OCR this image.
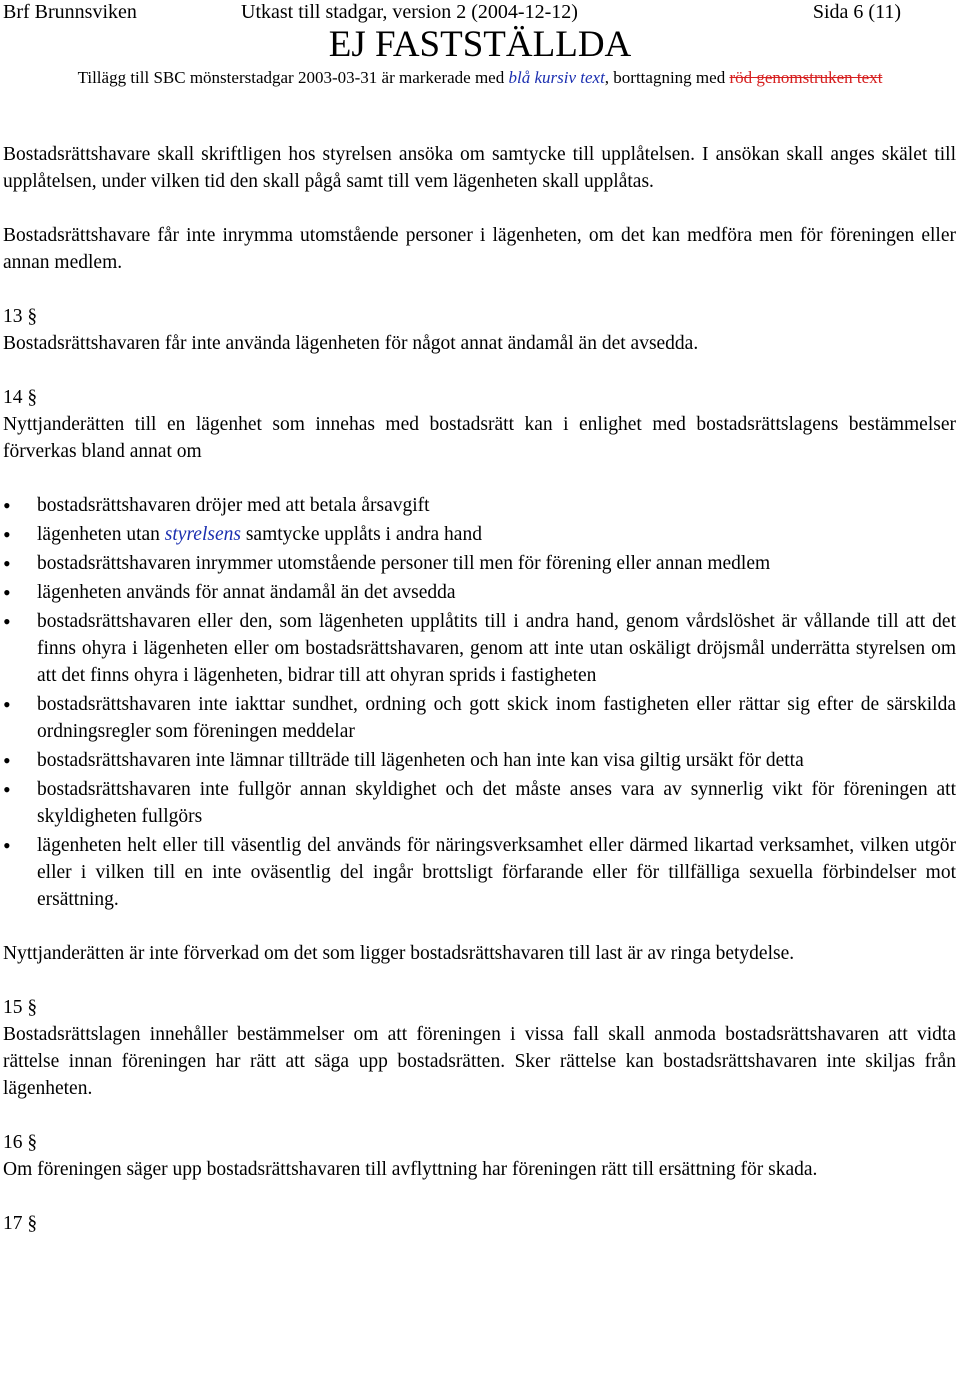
Brf Brunnsviken	Utkast till stadgar, version 2 (2004-12-12)	Sida 6 (11)
EJ FASTSTÄLLDA
Tillägg till SBC mönsterstadgar 2003-03-31 är markerade med blå kursiv text, borttagning med röd genomstruken text

Bostadsrättshavare skall skriftligen hos styrelsen ansöka om samtycke till upplåtelsen. I ansökan skall anges skälet till upplåtelsen, under vilken tid den skall pågå samt till vem lägenheten skall upplåtas.

Bostadsrättshavare får inte inrymma utomstående personer i lägenheten, om det kan medföra men för föreningen eller annan medlem.

13 §
Bostadsrättshavaren får inte använda lägenheten för något annat ändamål än det avsedda.

14 §
Nyttjanderätten till en lägenhet som innehas med bostadsrätt kan i enlighet med bostadsrättslagens bestämmelser förverkas bland annat om

• bostadsrättshavaren dröjer med att betala årsavgift
• lägenheten utan styrelsens samtycke upplåts i andra hand
• bostadsrättshavaren inrymmer utomstående personer till men för förening eller annan medlem
• lägenheten används för annat ändamål än det avsedda
• bostadsrättshavaren eller den, som lägenheten upplåtits till i andra hand, genom vårdslöshet är vållande till att det finns ohyra i lägenheten eller om bostadsrättshavaren, genom att inte utan oskäligt dröjsmål underrätta styrelsen om att det finns ohyra i lägenheten, bidrar till att ohyran sprids i fastigheten
• bostadsrättshavaren inte iakttar sundhet, ordning och gott skick inom fastigheten eller rättar sig efter de särskilda ordningsregler som föreningen meddelar
• bostadsrättshavaren inte lämnar tillträde till lägenheten och han inte kan visa giltig ursäkt för detta
• bostadsrättshavaren inte fullgör annan skyldighet och det måste anses vara av synnerlig vikt för föreningen att skyldigheten fullgörs
• lägenheten helt eller till väsentlig del används för näringsverksamhet eller därmed likartad verksamhet, vilken utgör eller i vilken till en inte oväsentlig del ingår brottsligt förfarande eller för tillfälliga sexuella förbindelser mot ersättning.

Nyttjanderätten är inte förverkad om det som ligger bostadsrättshavaren till last är av ringa betydelse.

15 §
Bostadsrättslagen innehåller bestämmelser om att föreningen i vissa fall skall anmoda bostadsrättshavaren att vidta rättelse innan föreningen har rätt att säga upp bostadsrätten. Sker rättelse kan bostadsrättshavaren inte skiljas från lägenheten.

16 §
Om föreningen säger upp bostadsrättshavaren till avflyttning har föreningen rätt till ersättning för skada.

17 §
